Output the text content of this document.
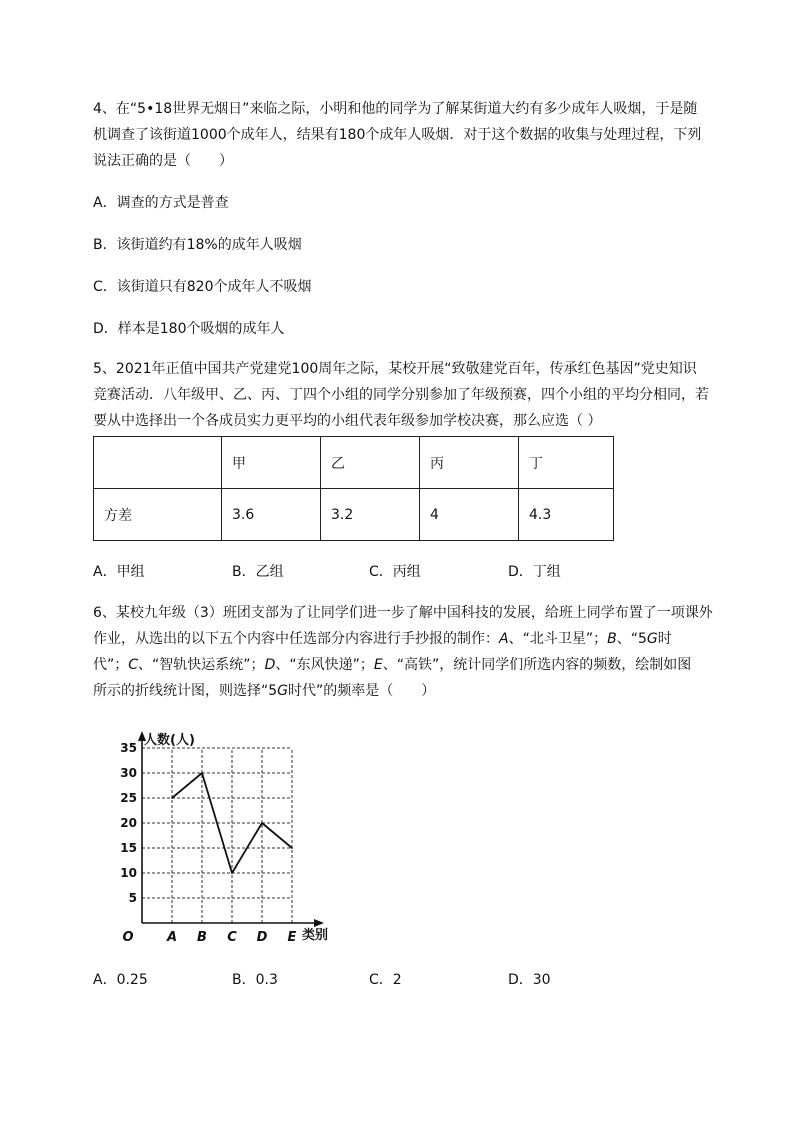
4、在“5•18世界无烟日”来临之际，小明和他的同学为了解某街道大约有多少成年人吸烟，于是随
机调查了该街道1000个成年人，结果有180个成年人吸烟．对于这个数据的收集与处理过程，下列
说法正确的是（　　）
A．调查的方式是普查
B．该街道约有18%的成年人吸烟
C．该街道只有820个成年人不吸烟
D．样本是180个吸烟的成年人
5、2021年正值中国共产党建党100周年之际，某校开展“致敬建党百年，传承红色基因”党史知识
竞赛活动．八年级甲、乙、丙、丁四个小组的同学分别参加了年级预赛，四个小组的平均分相同，若
要从中选择出一个各成员实力更平均的小组代表年级参加学校决赛，那么应选（ ）
	甲	乙	丙	丁
方差	3.6	3.2	4	4.3
A．甲组	B．乙组	C．丙组	D．丁组
6、某校九年级（3）班团支部为了让同学们进一步了解中国科技的发展，给班上同学布置了一项课外
作业，从选出的以下五个内容中任选部分内容进行手抄报的制作：A、“北斗卫星”；B、“5G时
代”；C、“智轨快运系统”；D、“东风快递”；E、“高铁”，统计同学们所选内容的频数，绘制如图
所示的折线统计图，则选择“5G时代”的频率是（　　）
5
10
15
20
25
30
35
A B C D E
O
人数(人)
类别
A．0.25	B．0.3	C．2	D．30
